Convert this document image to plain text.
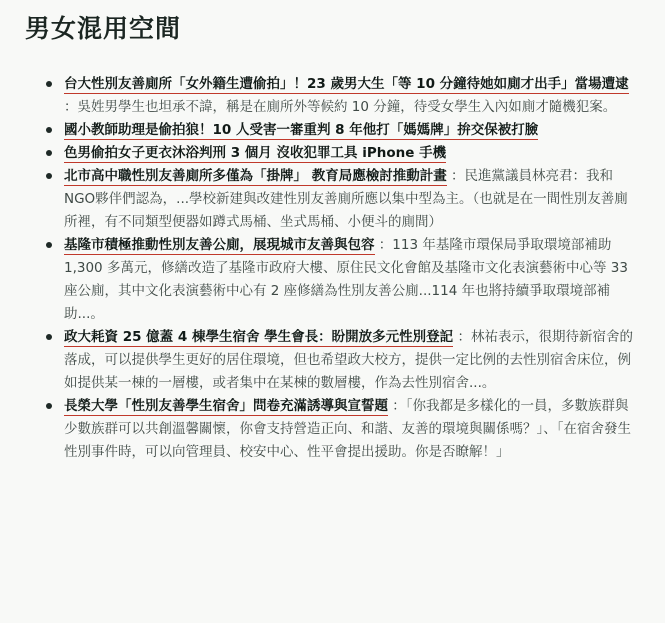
男女混用空間
台大性別友善廁所「女外籍生遭偷拍」！23 歲男大生「等 10 分鐘待她如廁才出手」當場遭逮 ：吳姓男學生也坦承不諱，稱是在廁所外等候約 10 分鐘，待受女學生入內如廁才隨機犯案。
國小教師助理是偷拍狼！10 人受害一審重判 8 年他打「媽媽牌」拚交保被打臉
色男偷拍女子更衣沐浴判刑 3 個月 沒收犯罪工具 iPhone 手機
北市高中職性別友善廁所多僅為「掛牌」 教育局應檢討推動計畫 ：民進黨議員林亮君：我和NGO夥伴們認為，...學校新建與改建性別友善廁所應以集中型為主。（也就是在一間性別友善廁所裡，有不同類型便器如蹲式馬桶、坐式馬桶、小便斗的廁間）
基隆市積極推動性別友善公廁，展現城市友善與包容 ：113 年基隆市環保局爭取環境部補助 1,300 多萬元，修繕改造了基隆市政府大樓、原住民文化會館及基隆市文化表演藝術中心等 33 座公廁，其中文化表演藝術中心有 2 座修繕為性別友善公廁...114 年也將持續爭取環境部補助...。
政大耗資 25 億蓋 4 棟學生宿舍 學生會長：盼開放多元性別登記 ：林祐表示，很期待新宿舍的落成，可以提供學生更好的居住環境，但也希望政大校方，提供一定比例的去性別宿舍床位，例如提供某一棟的一層樓，或者集中在某棟的數層樓，作為去性別宿舍...。
長榮大學「性別友善學生宿舍」問卷充滿誘導與宣誓題 ：「你我都是多樣化的一員，多數族群與少數族群可以共創溫馨關懷，你會支持營造正向、和諧、友善的環境與關係嗎？」、「在宿舍發生性別事件時，可以向管理員、校安中心、性平會提出援助。你是否瞭解！」
